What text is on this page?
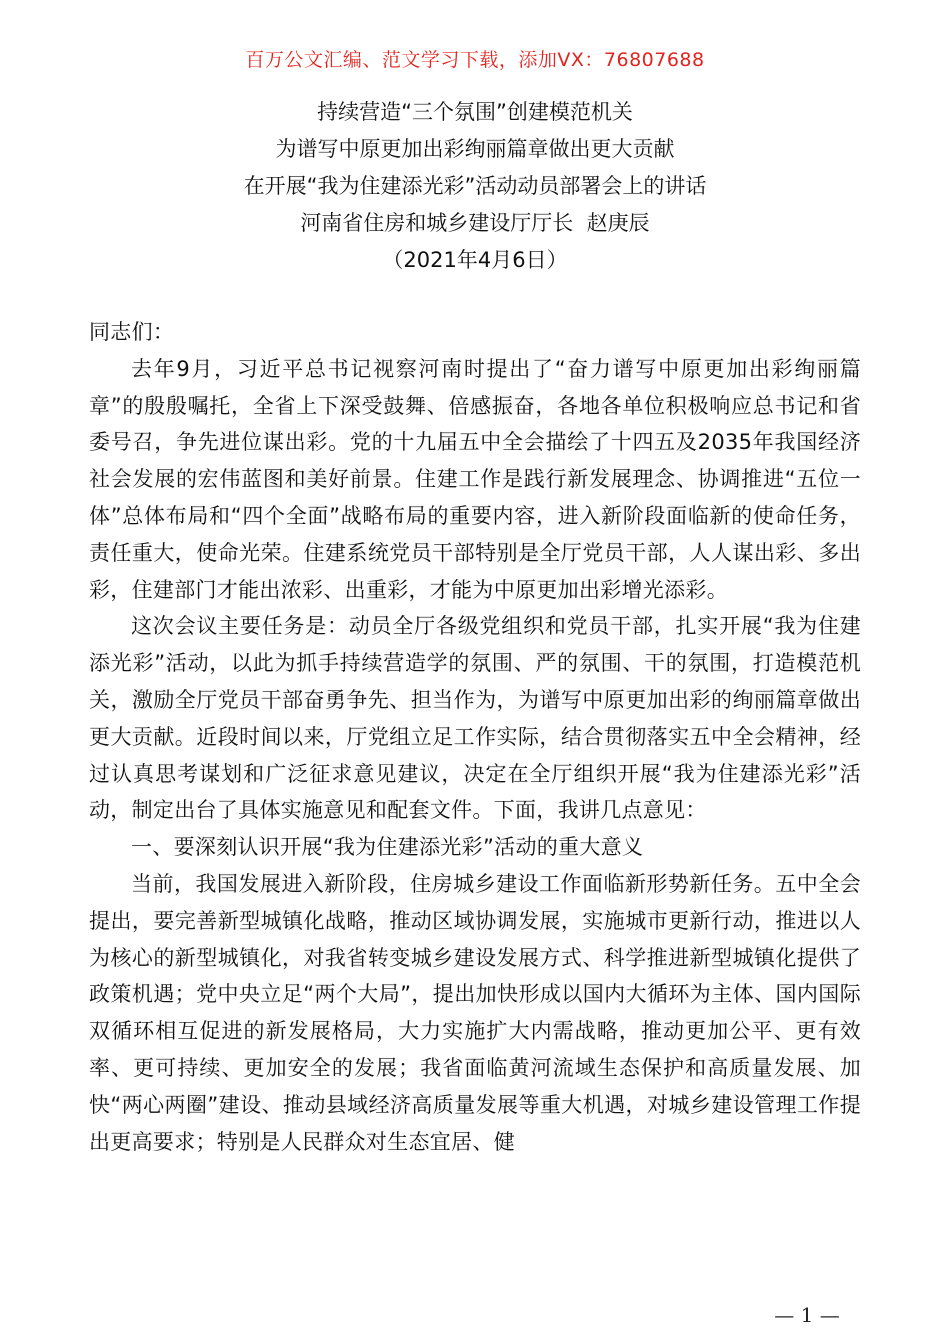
百万公文汇编、范文学习下载，添加VX：76807688
持续营造“三个氛围”创建模范机关
为谱写中原更加出彩绚丽篇章做出更大贡献
在开展“我为住建添光彩”活动动员部署会上的讲话
河南省住房和城乡建设厅厅长  赵庚辰
（2021年4月6日）

同志们：

去年9月，习近平总书记视察河南时提出了“奋力谱写中原更加出彩绚丽篇章”的殷殷嘱托，全省上下深受鼓舞、倍感振奋，各地各单位积极响应总书记和省委号召，争先进位谋出彩。党的十九届五中全会描绘了十四五及2035年我国经济社会发展的宏伟蓝图和美好前景。住建工作是践行新发展理念、协调推进“五位一体”总体布局和“四个全面”战略布局的重要内容，进入新阶段面临新的使命任务，责任重大，使命光荣。住建系统党员干部特别是全厅党员干部，人人谋出彩、多出彩，住建部门才能出浓彩、出重彩，才能为中原更加出彩增光添彩。

这次会议主要任务是：动员全厅各级党组织和党员干部，扎实开展“我为住建添光彩”活动，以此为抓手持续营造学的氛围、严的氛围、干的氛围，打造模范机关，激励全厅党员干部奋勇争先、担当作为，为谱写中原更加出彩的绚丽篇章做出更大贡献。近段时间以来，厅党组立足工作实际，结合贯彻落实五中全会精神，经过认真思考谋划和广泛征求意见建议，决定在全厅组织开展“我为住建添光彩”活动，制定出台了具体实施意见和配套文件。下面，我讲几点意见：

一、要深刻认识开展“我为住建添光彩”活动的重大意义

当前，我国发展进入新阶段，住房城乡建设工作面临新形势新任务。五中全会提出，要完善新型城镇化战略，推动区域协调发展，实施城市更新行动，推进以人为核心的新型城镇化，对我省转变城乡建设发展方式、科学推进新型城镇化提供了政策机遇；党中央立足“两个大局”，提出加快形成以国内大循环为主体、国内国际双循环相互促进的新发展格局，大力实施扩大内需战略，推动更加公平、更有效率、更可持续、更加安全的发展；我省面临黄河流域生态保护和高质量发展、加快“两心两圈”建设、推动县域经济高质量发展等重大机遇，对城乡建设管理工作提出更高要求；特别是人民群众对生态宜居、健

— 1 —
